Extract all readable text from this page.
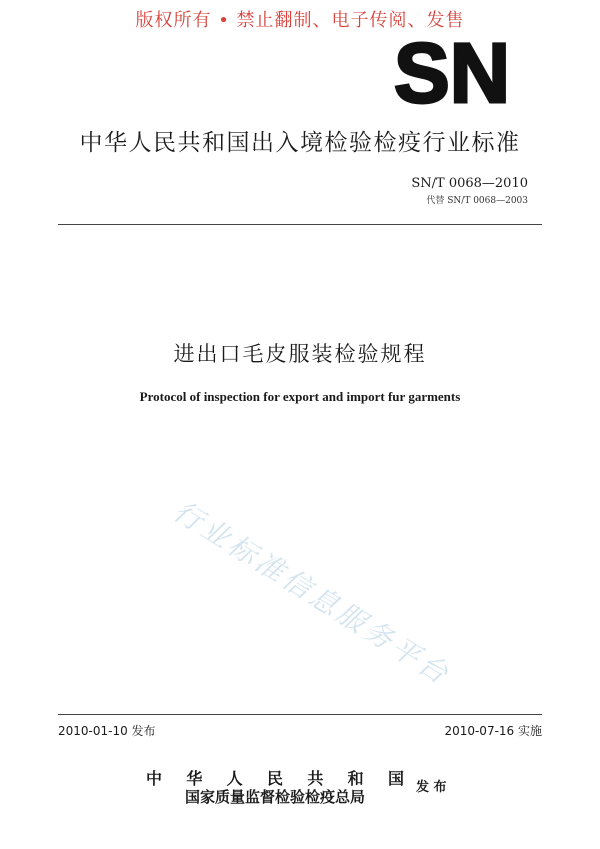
版权所有 • 禁止翻制、电子传阅、发售
SN
中华人民共和国出入境检验检疫行业标准
SN/T 0068—2010
代替 SN/T 0068—2003
进出口毛皮服装检验规程
Protocol of inspection for export and import fur garments
行业标准信息服务平台
2010-01-10 发布	2010-07-16 实施
中 华 人 民 共 和 国
国家质量监督检验检疫总局
发 布
